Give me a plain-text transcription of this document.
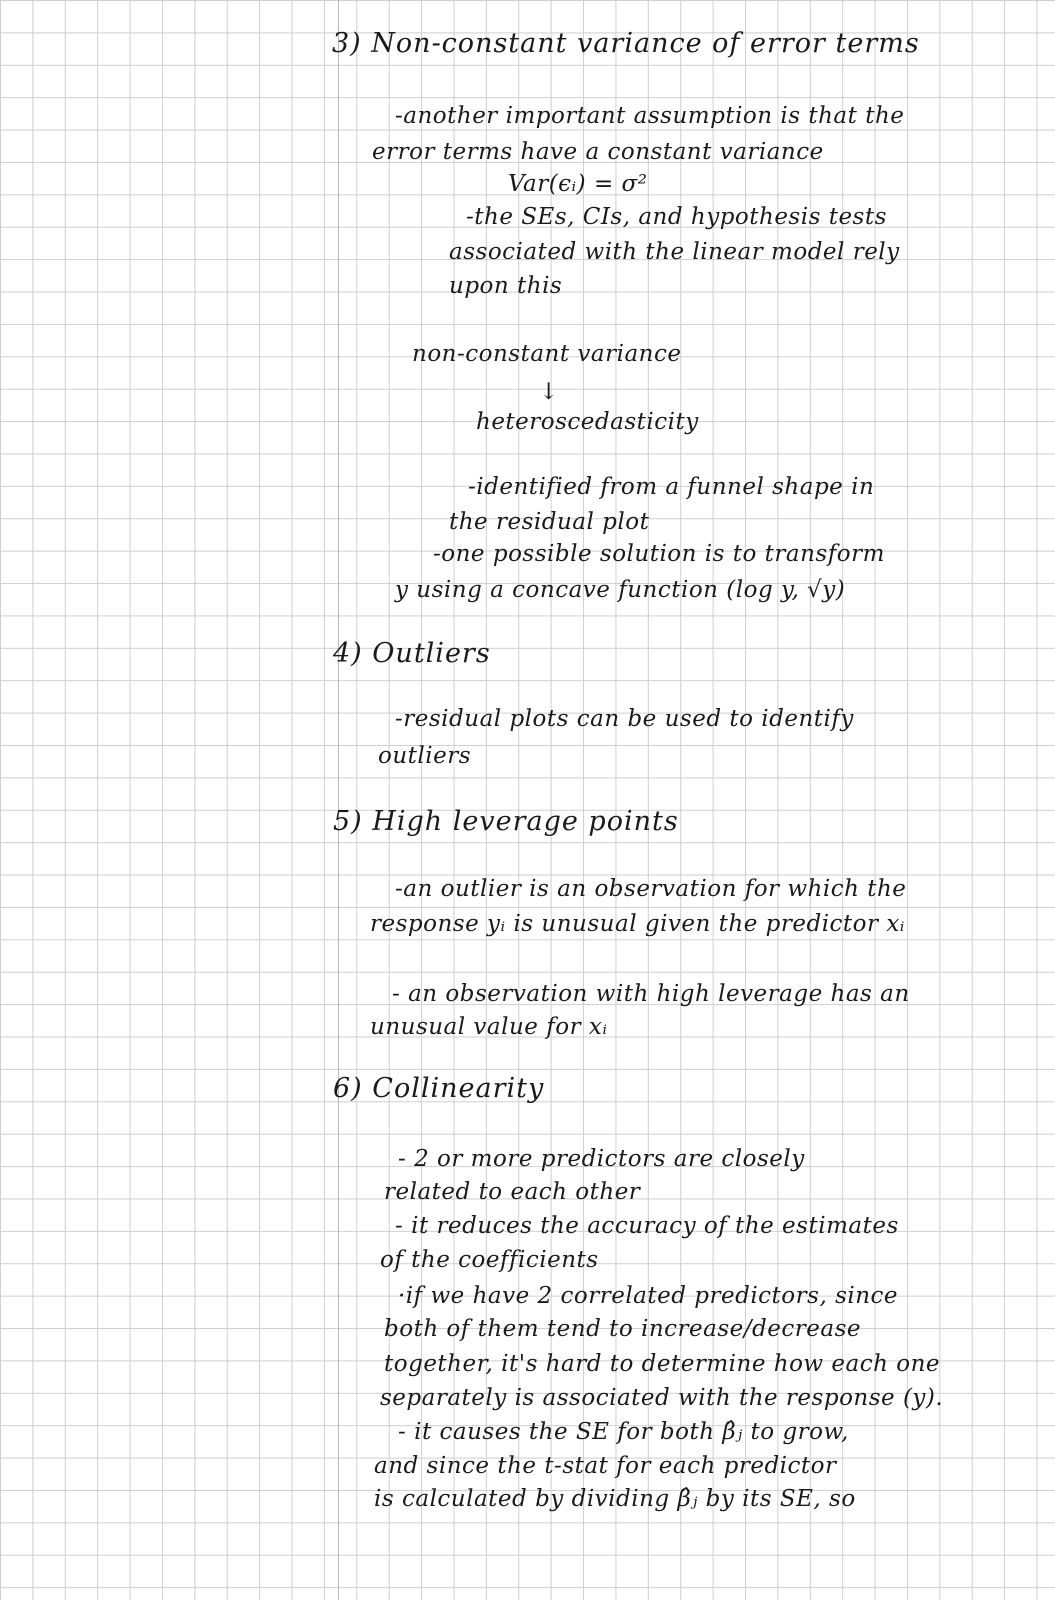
3) Non-constant variance of error terms
-another important assumption is that the
error terms have a constant variance
Var(ϵᵢ) = σ²
-the SEs, CIs, and hypothesis tests
associated with the linear model rely
upon this
non-constant variance
↓
heteroscedasticity
-identified from a funnel shape in
the residual plot
-one possible solution is to transform
y using a concave function (log y, √y)
4) Outliers
-residual plots can be used to identify
outliers
5) High leverage points
-an outlier is an observation for which the
response yᵢ is unusual given the predictor xᵢ
- an observation with high leverage has an
unusual value for xᵢ
6) Collinearity
- 2 or more predictors are closely
related to each other
- it reduces the accuracy of the estimates
of the coefficients
·if we have 2 correlated predictors, since
both of them tend to increase/decrease
together, it's hard to determine how each one
separately is associated with the response (y).
- it causes the SE for both β̂ⱼ to grow,
and since the t-stat for each predictor
is calculated by dividing β̂ⱼ by its SE, so
